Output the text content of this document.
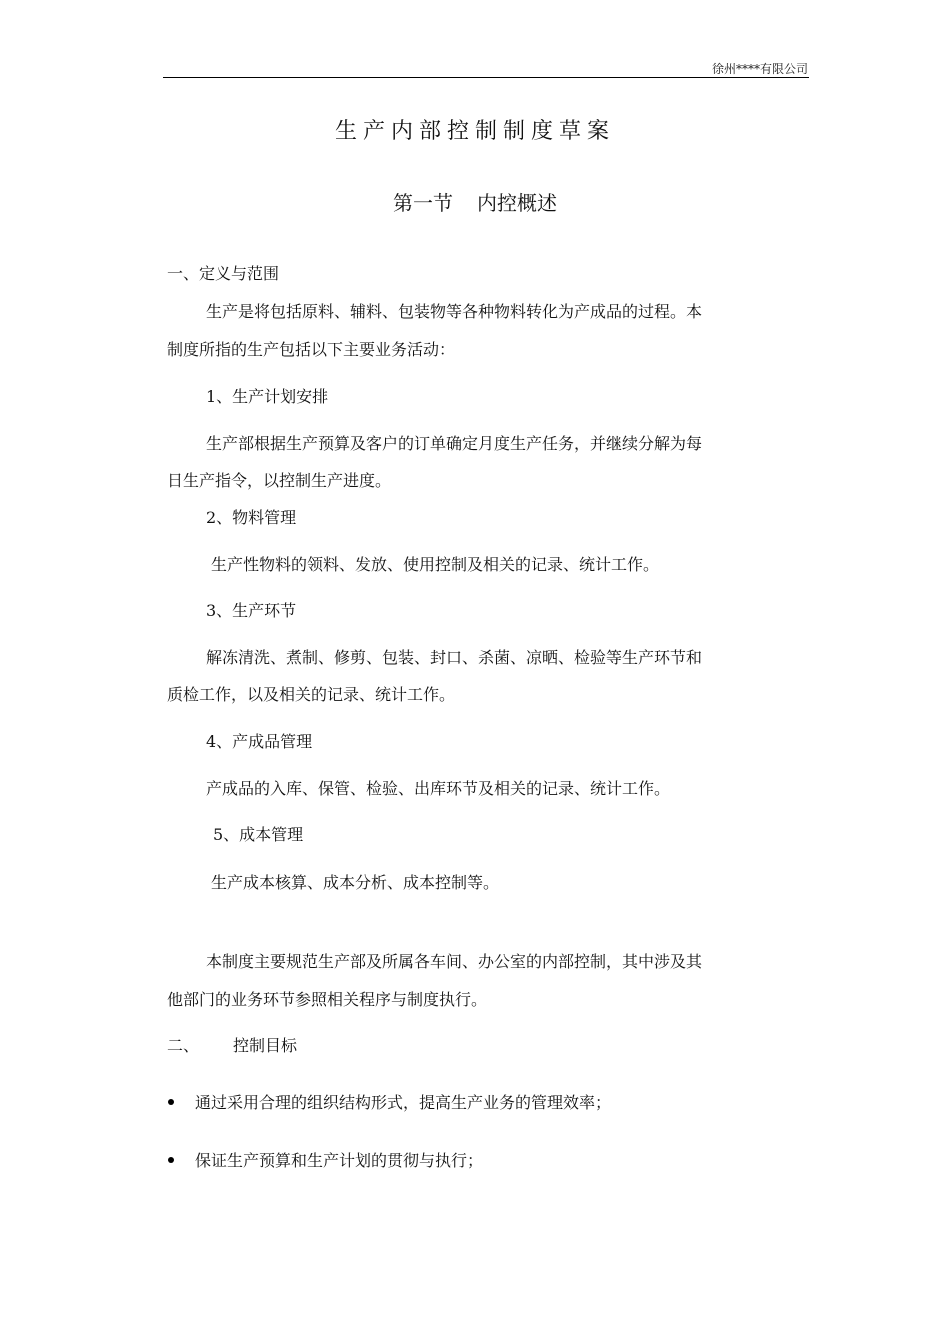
徐州****有限公司
生产内部控制制度草案
第一节 内控概述
一、定义与范围
生产是将包括原料、辅料、包装物等各种物料转化为产成品的过程。本
制度所指的生产包括以下主要业务活动：
1、生产计划安排
生产部根据生产预算及客户的订单确定月度生产任务，并继续分解为每
日生产指令，以控制生产进度。
2、物料管理
生产性物料的领料、发放、使用控制及相关的记录、统计工作。
3、生产环节
解冻清洗、煮制、修剪、包装、封口、杀菌、凉晒、检验等生产环节和
质检工作，以及相关的记录、统计工作。
4、产成品管理
产成品的入库、保管、检验、出库环节及相关的记录、统计工作。
5、成本管理
生产成本核算、成本分析、成本控制等。
本制度主要规范生产部及所属各车间、办公室的内部控制，其中涉及其
他部门的业务环节参照相关程序与制度执行。
二、 控制目标
通过采用合理的组织结构形式，提高生产业务的管理效率；
保证生产预算和生产计划的贯彻与执行；
